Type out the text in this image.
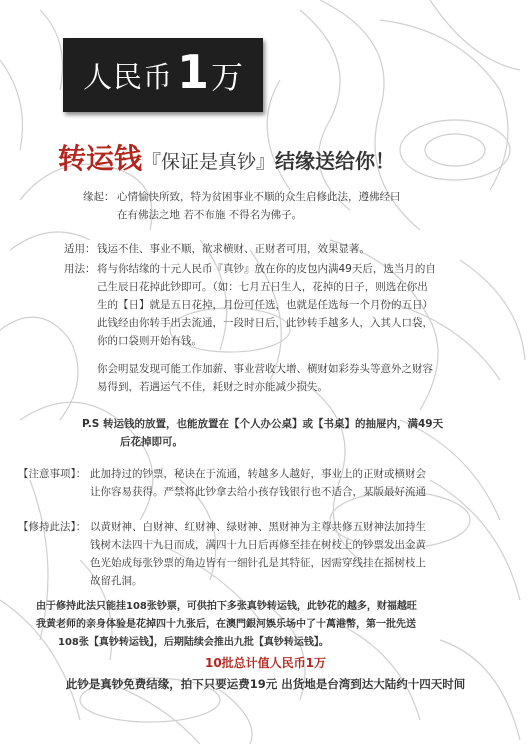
人民币 1 万
转运钱『保证是真钞』结缘送给你！
缘起： 心情愉快所致，特为贫困事业不顺的众生启修此法，遵佛经曰
在有佛法之地 若不布施 不得名为佛子。
适用： 钱运不佳、事业不顺，欲求横财、正财者可用，效果显著。
用法： 将与你结缘的十元人民币『真钞』放在你的皮包内满49天后，选当月的自
己生辰日花掉此钞即可。（如：七月五日生人，花掉的日子，则选在你出
生的【日】就是五日花掉，月份可任选，也就是任选每一个月份的五日）
此钱经由你转手出去流通，一段时日后，此钞转手越多人，入其人口袋，
你的口袋则开始有钱。
你会明显发现可能工作加薪、事业营收大增、横财如彩券头等意外之财容
易得到，若遇运气不佳，耗财之时亦能减少损失。
P.S 转运钱的放置，也能放置在【个人办公桌】或【书桌】的抽屉内，满49天
后花掉即可。
【注意事项】： 此加持过的钞票，秘诀在于流通，转越多人越好，事业上的正财或横财会
让你容易获得。严禁将此钞拿去给小孩存钱银行也不适合，某版最好流通
【修持此法】： 以黄财神、白财神、红财神、绿财神、黑财神为主尊共修五财神法加持生
钱树木法四十九日而成，满四十九日后再修至挂在树枝上的钞票发出金黄
色光始成每张钞票的角边皆有一细针孔是其特征，因需穿线挂在摇树枝上
故留孔洞。
由于修持此法只能挂108张钞票，可供拍下多张真钞转运钱，此钞花的越多，财福越旺
我黄老师的亲身体验是花掉四十九张后，在澳門銀河娛乐场中了十萬港幣，第一批先送
108张【真钞转运钱】，后期陆续会推出九批【真钞转运钱】。
10批总计值人民币1万
此钞是真钞免费结缘，拍下只要运费19元 出货地是台湾到达大陆约十四天时间
